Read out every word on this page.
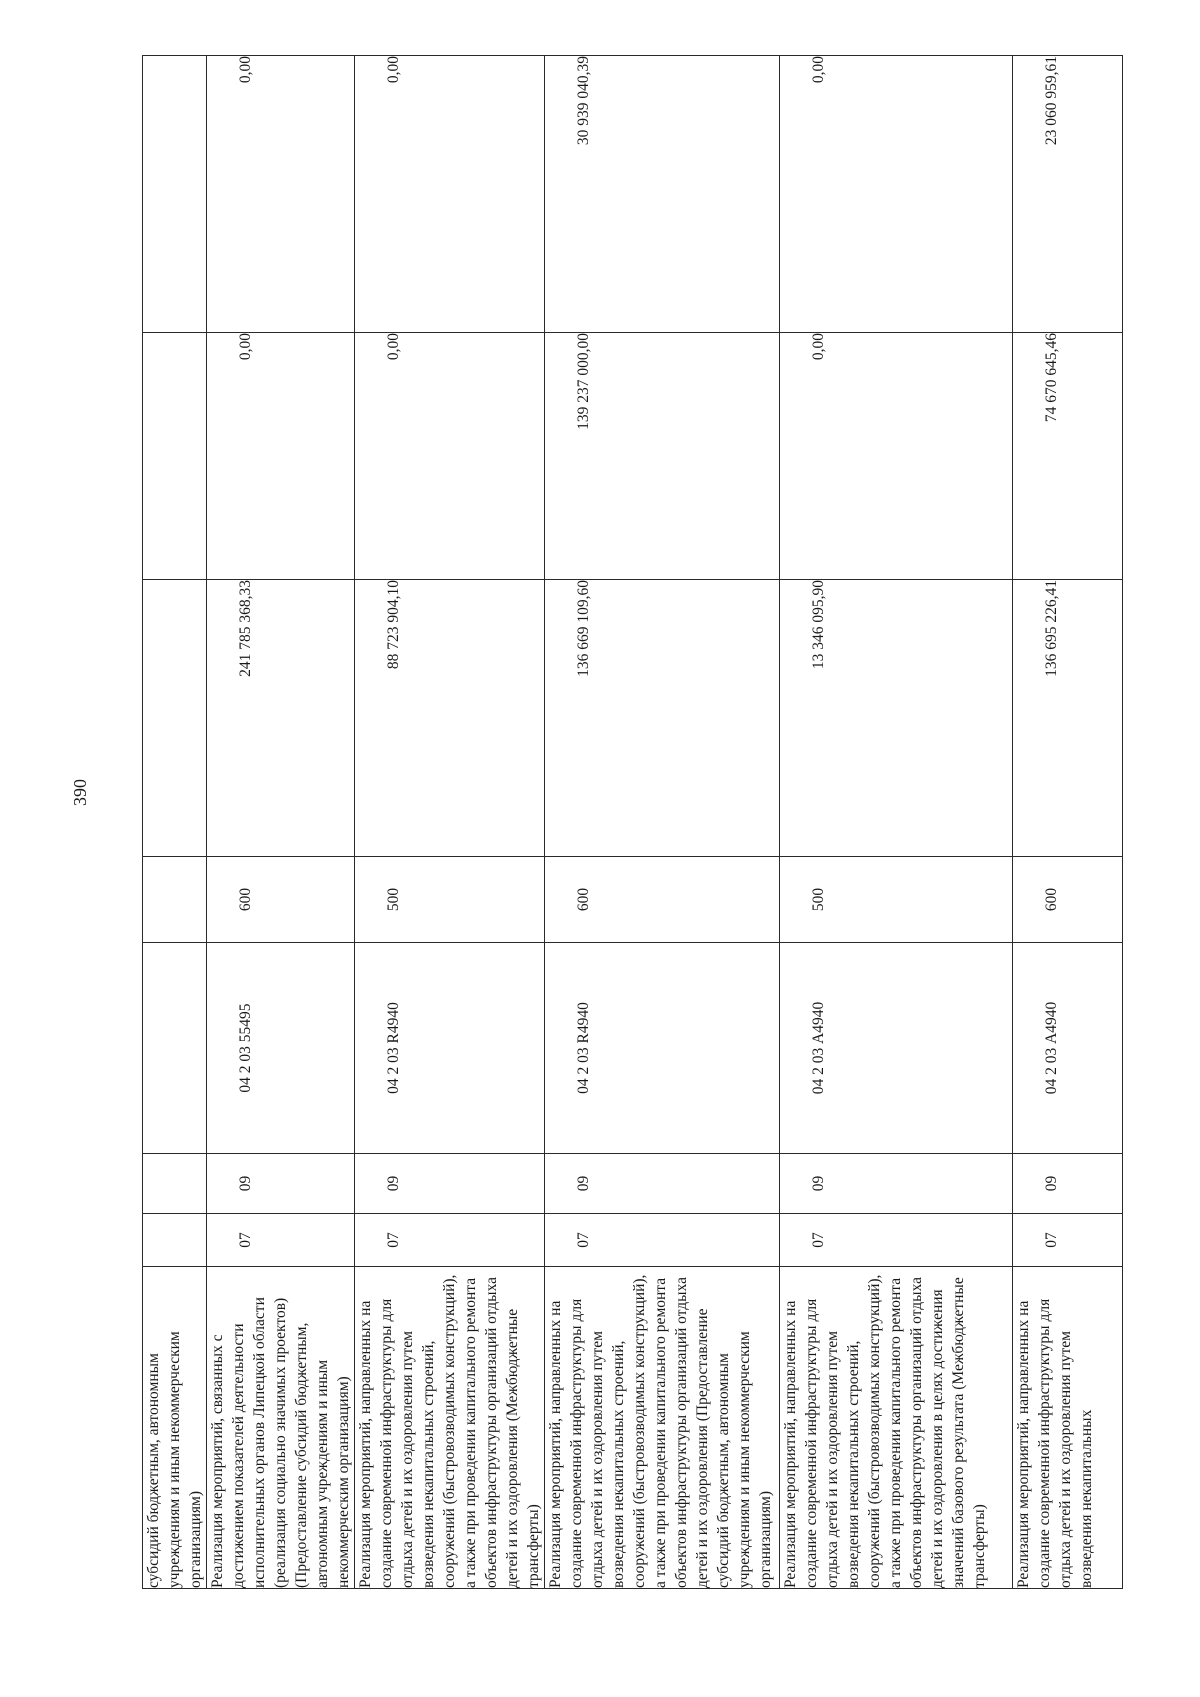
390
субсидий бюджетным, автономным учреждениям и иным некоммерческим организациям)	

Реализация мероприятий, связанных с достижением показателей деятельности исполнительных органов Липецкой области (реализация социально значимых проектов) (Предоставление субсидий бюджетным, автономным учреждениям и иным некоммерческим организациям)	07	09	04 2 03 55495	600	241 785 368,33	0,00	0,00

Реализация мероприятий, направленных на создание современной инфраструктуры для отдыха детей и их оздоровления путем возведения некапитальных строений, сооружений (быстровозводимых конструкций), а также при проведении капитального ремонта объектов инфраструктуры организаций отдыха детей и их оздоровления (Межбюджетные трансферты)	07	09	04 2 03 R4940	500	88 723 904,10	0,00	0,00

Реализация мероприятий, направленных на создание современной инфраструктуры для отдыха детей и их оздоровления путем возведения некапитальных строений, сооружений (быстровозводимых конструкций), а также при проведении капитального ремонта объектов инфраструктуры организаций отдыха детей и их оздоровления (Предоставление субсидий бюджетным, автономным учреждениям и иным некоммерческим организациям)	07	09	04 2 03 R4940	600	136 669 109,60	139 237 000,00	30 939 040,39

Реализация мероприятий, направленных на создание современной инфраструктуры для отдыха детей и их оздоровления путем возведения некапитальных строений, сооружений (быстровозводимых конструкций), а также при проведении капитального ремонта объектов инфраструктуры организаций отдыха детей и их оздоровления в целях достижения значений базового результата (Межбюджетные трансферты)	07	09	04 2 03 А4940	500	13 346 095,90	0,00	0,00

Реализация мероприятий, направленных на создание современной инфраструктуры для отдыха детей и их оздоровления путем возведения некапитальных	07	09	04 2 03 А4940	600	136 695 226,41	74 670 645,46	23 060 959,61
